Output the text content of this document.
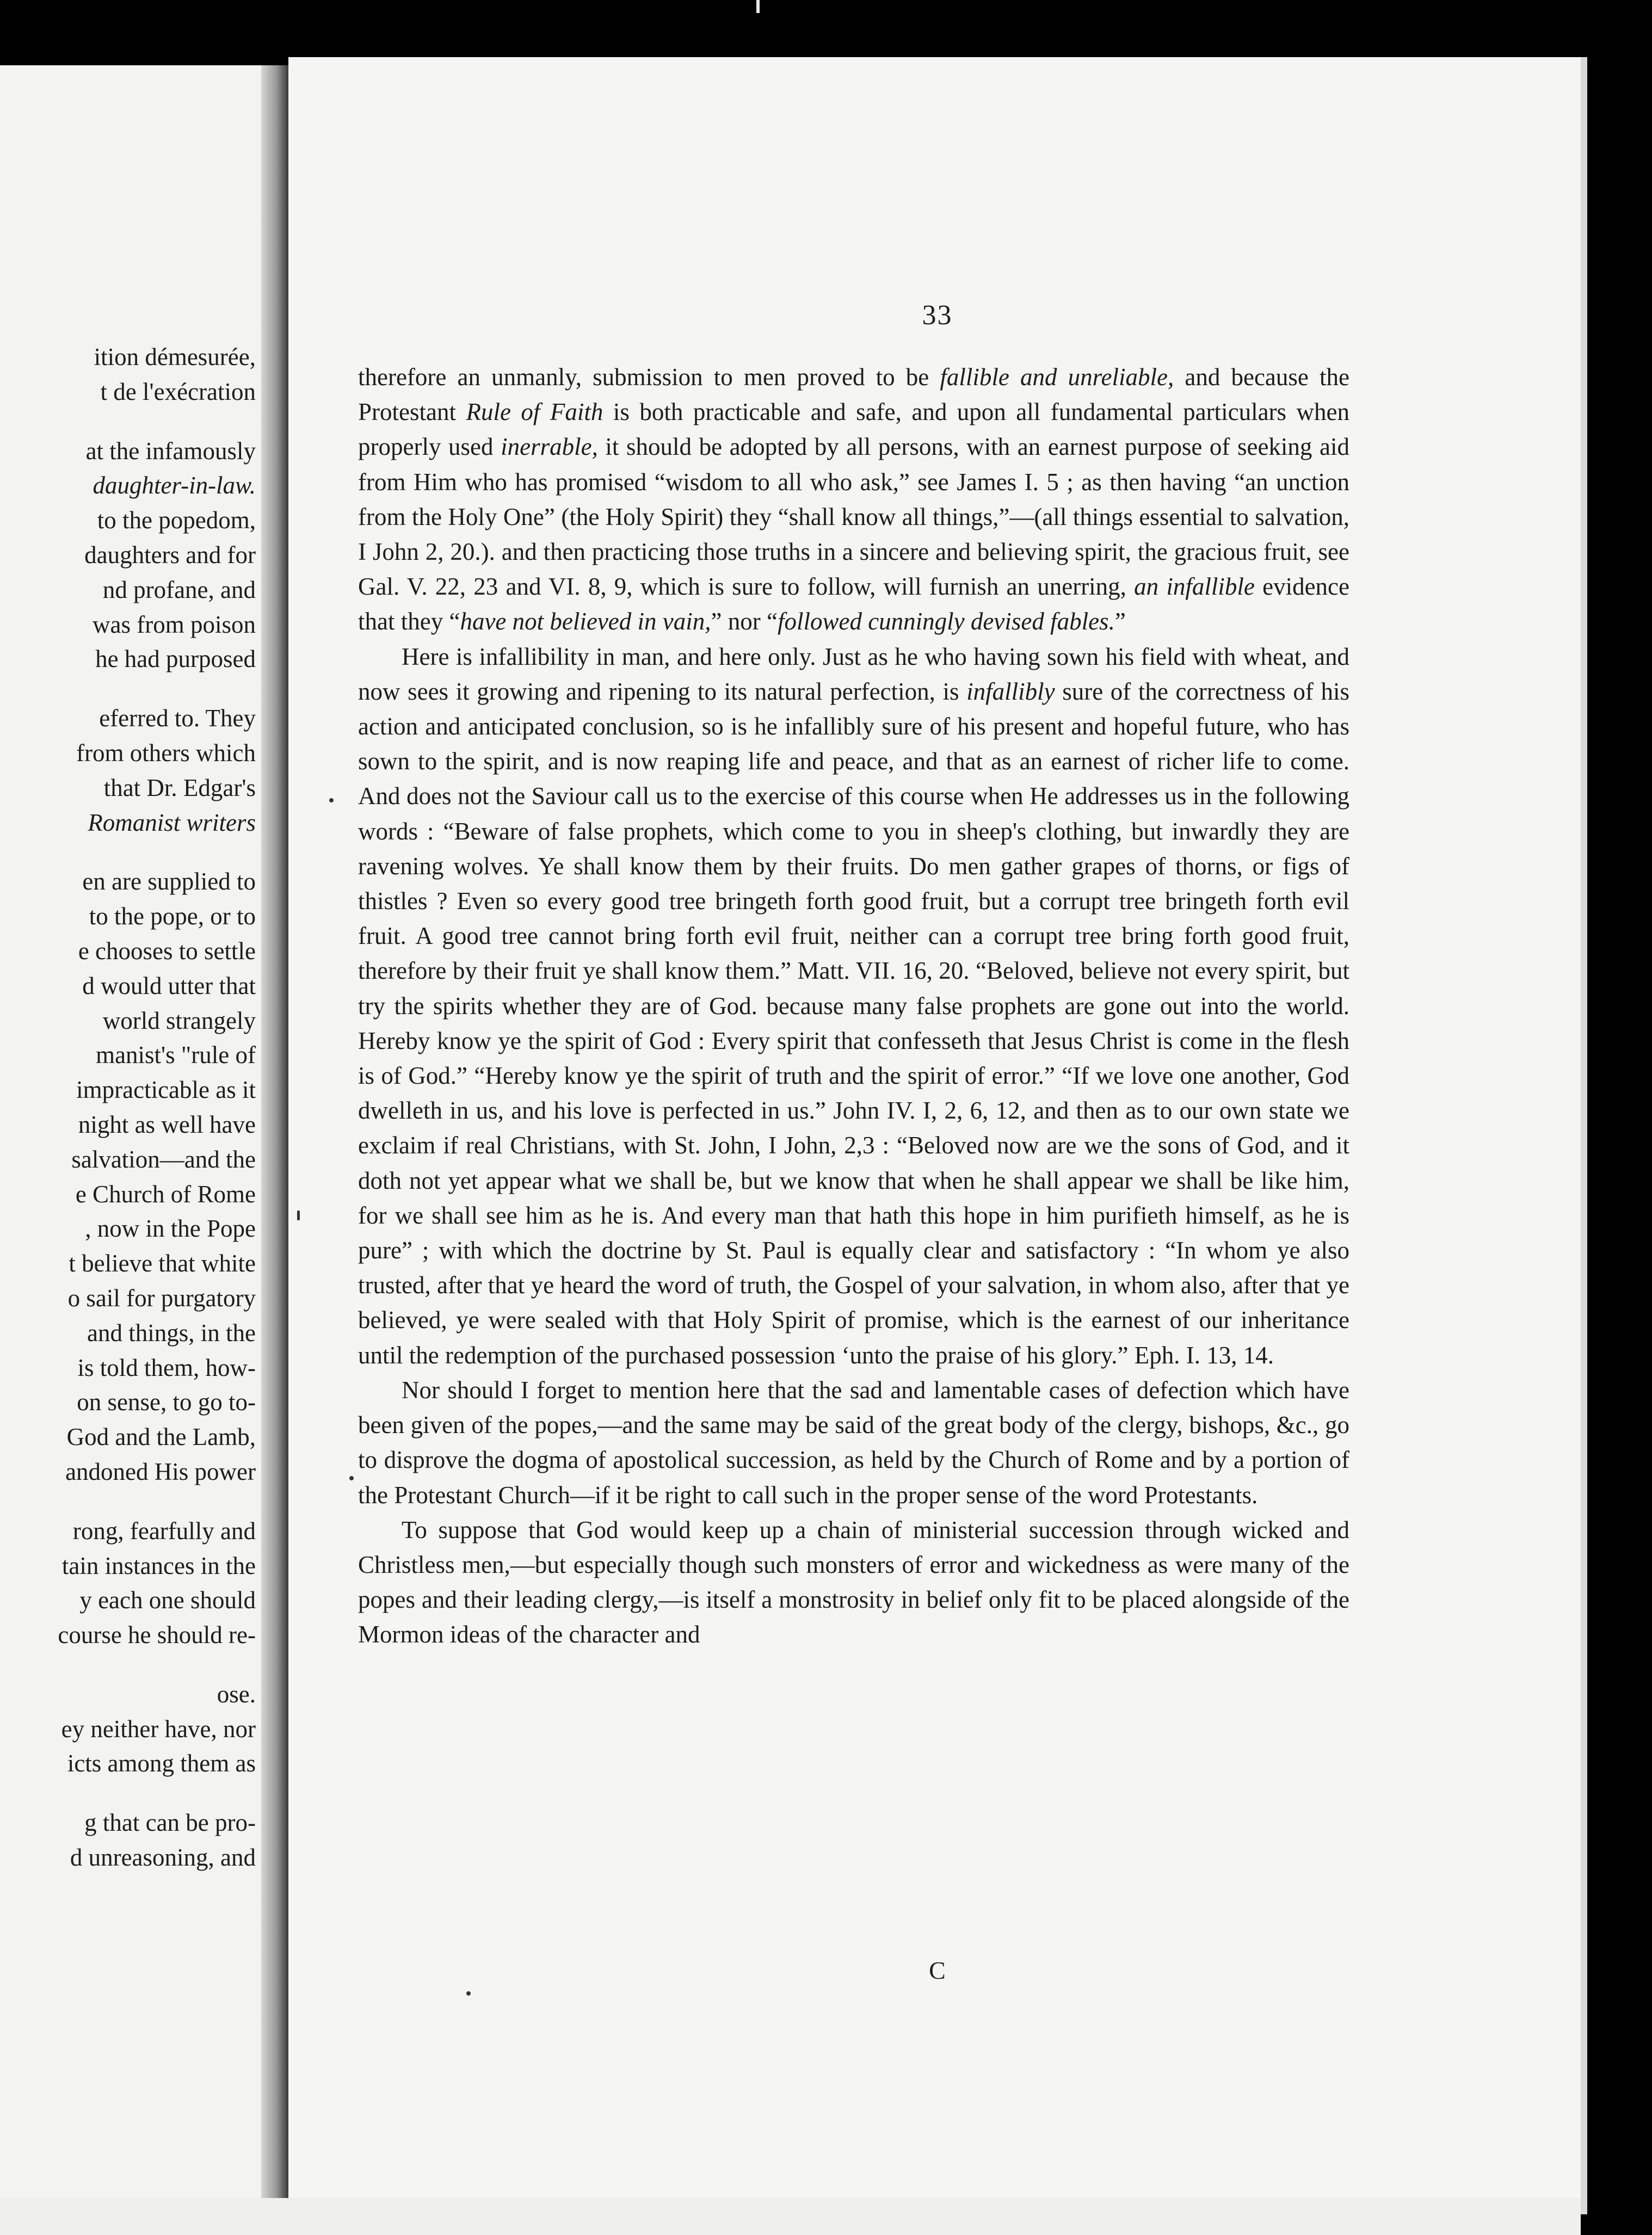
ition démesurée,
t de l'exécration
at the infamously
daughter-in-law.
to the popedom,
daughters and for
nd profane, and
was from poison
he had purposed
eferred to. They
from others which
that Dr. Edgar's
Romanist writers
en are supplied to
to the pope, or to
e chooses to settle
d would utter that
world strangely
manist's "rule of
impracticable as it
night as well have
salvation—and the
e Church of Rome
, now in the Pope
t believe that white
o sail for purgatory
and things, in the
is told them, how-
on sense, to go to-
God and the Lamb,
andoned His power
rong, fearfully and
tain instances in the
y each one should
course he should re-
ose.
ey neither have, nor
icts among them as
g that can be pro-
d unreasoning, and
33

therefore an unmanly, submission to men proved to be fallible and unreliable, and because the Protestant Rule of Faith is both practicable and safe, and upon all fundamental particulars when properly used inerrable, it should be adopted by all persons, with an earnest purpose of seeking aid from Him who has promised “wisdom to all who ask,” see James I. 5 ; as then having “an unction from the Holy One” (the Holy Spirit) they “shall know all things,”—(all things essential to salvation, I John 2, 20.). and then practicing those truths in a sincere and believing spirit, the gracious fruit, see Gal. V. 22, 23 and VI. 8, 9, which is sure to follow, will furnish an unerring, an infallible evidence that they “have not believed in vain,” nor “followed cunningly devised fables.”

Here is infallibility in man, and here only. Just as he who having sown his field with wheat, and now sees it growing and ripening to its natural perfection, is infallibly sure of the correctness of his action and anticipated conclusion, so is he infallibly sure of his present and hopeful future, who has sown to the spirit, and is now reaping life and peace, and that as an earnest of richer life to come. And does not the Saviour call us to the exercise of this course when He addresses us in the following words : “Beware of false prophets, which come to you in sheep's clothing, but inwardly they are ravening wolves. Ye shall know them by their fruits. Do men gather grapes of thorns, or figs of thistles ? Even so every good tree bringeth forth good fruit, but a corrupt tree bringeth forth evil fruit. A good tree cannot bring forth evil fruit, neither can a corrupt tree bring forth good fruit, therefore by their fruit ye shall know them.” Matt. VII. 16, 20. “Beloved, believe not every spirit, but try the spirits whether they are of God. because many false prophets are gone out into the world. Hereby know ye the spirit of God : Every spirit that confesseth that Jesus Christ is come in the flesh is of God.” “Hereby know ye the spirit of truth and the spirit of error.” “If we love one another, God dwelleth in us, and his love is perfected in us.” John IV. I, 2, 6, 12, and then as to our own state we exclaim if real Christians, with St. John, I John, 2,3 : “Beloved now are we the sons of God, and it doth not yet appear what we shall be, but we know that when he shall appear we shall be like him, for we shall see him as he is. And every man that hath this hope in him purifieth himself, as he is pure” ; with which the doctrine by St. Paul is equally clear and satisfactory : “In whom ye also trusted, after that ye heard the word of truth, the Gospel of your salvation, in whom also, after that ye believed, ye were sealed with that Holy Spirit of promise, which is the earnest of our inheritance until the redemption of the purchased possession ‘unto the praise of his glory.” Eph. I. 13, 14.

Nor should I forget to mention here that the sad and lamentable cases of defection which have been given of the popes,—and the same may be said of the great body of the clergy, bishops, &c., go to disprove the dogma of apostolical succession, as held by the Church of Rome and by a portion of the Protestant Church—if it be right to call such in the proper sense of the word Protestants.

To suppose that God would keep up a chain of ministerial succession through wicked and Christless men,—but especially though such monsters of error and wickedness as were many of the popes and their leading clergy,—is itself a monstrosity in belief only fit to be placed alongside of the Mormon ideas of the character and

C
